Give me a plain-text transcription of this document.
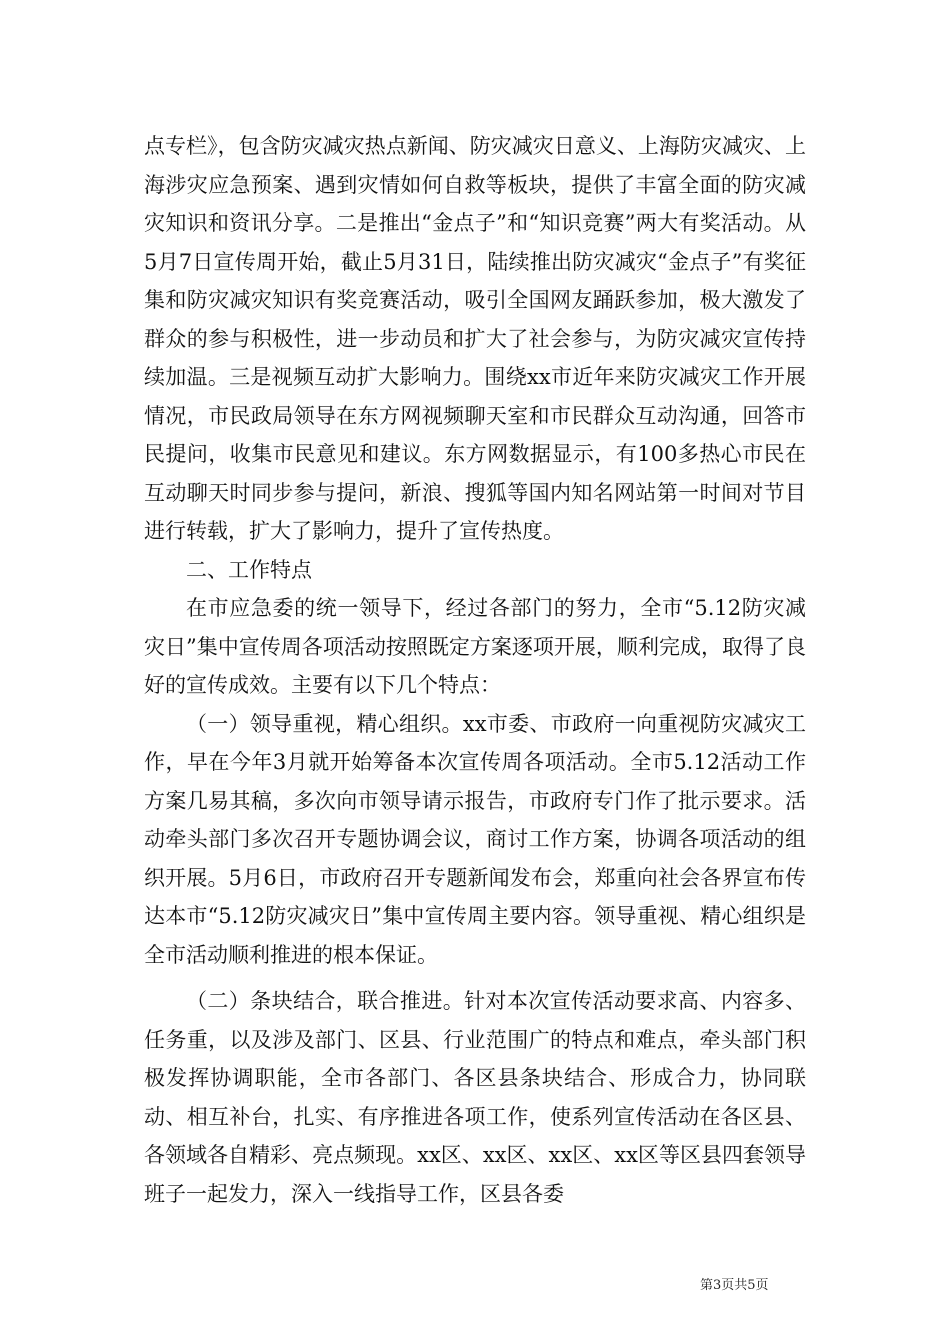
点专栏》，包含防灾减灾热点新闻、防灾减灾日意义、上海防灾减灾、上海涉灾应急预案、遇到灾情如何自救等板块，提供了丰富全面的防灾减灾知识和资讯分享。二是推出“金点子”和“知识竞赛”两大有奖活动。从5月7日宣传周开始，截止5月31日，陆续推出防灾减灾“金点子”有奖征集和防灾减灾知识有奖竞赛活动，吸引全国网友踊跃参加，极大激发了群众的参与积极性，进一步动员和扩大了社会参与，为防灾减灾宣传持续加温。三是视频互动扩大影响力。围绕xx市近年来防灾减灾工作开展情况，市民政局领导在东方网视频聊天室和市民群众互动沟通，回答市民提问，收集市民意见和建议。东方网数据显示，有100多热心市民在互动聊天时同步参与提问，新浪、搜狐等国内知名网站第一时间对节目进行转载，扩大了影响力，提升了宣传热度。

二、工作特点

在市应急委的统一领导下，经过各部门的努力，全市“5.12防灾减灾日”集中宣传周各项活动按照既定方案逐项开展，顺利完成，取得了良好的宣传成效。主要有以下几个特点：

（一）领导重视，精心组织。xx市委、市政府一向重视防灾减灾工作，早在今年3月就开始筹备本次宣传周各项活动。全市5.12活动工作方案几易其稿，多次向市领导请示报告，市政府专门作了批示要求。活动牵头部门多次召开专题协调会议，商讨工作方案，协调各项活动的组织开展。5月6日，市政府召开专题新闻发布会，郑重向社会各界宣布传达本市“5.12防灾减灾日”集中宣传周主要内容。领导重视、精心组织是全市活动顺利推进的根本保证。

（二）条块结合，联合推进。针对本次宣传活动要求高、内容多、任务重，以及涉及部门、区县、行业范围广的特点和难点，牵头部门积极发挥协调职能，全市各部门、各区县条块结合、形成合力，协同联动、相互补台，扎实、有序推进各项工作，使系列宣传活动在各区县、各领域各自精彩、亮点频现。xx区、xx区、xx区、xx区等区县四套领导班子一起发力，深入一线指导工作，区县各委

第3页共5页
